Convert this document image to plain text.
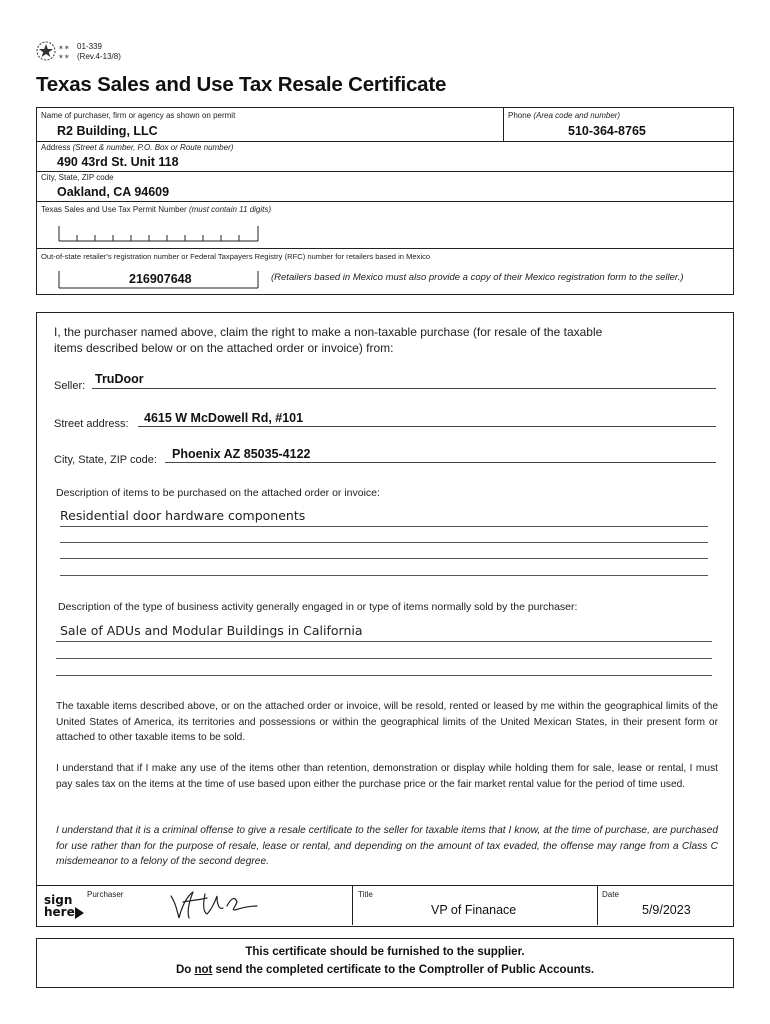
✶✶
✶✶
01-339
(Rev.4-13/8)
Texas Sales and Use Tax Resale Certificate
Name of purchaser, firm or agency as shown on permit
R2 Building, LLC
Phone (Area code and number)
510-364-8765
Address (Street & number, P.O. Box or Route number)
490 43rd St. Unit 118
City, State, ZIP code
Oakland, CA 94609
Texas Sales and Use Tax Permit Number (must contain 11 digits)
Out-of-state retailer's registration number or Federal Taxpayers Registry (RFC) number for retailers based in Mexico
216907648	(Retailers based in Mexico must also provide a copy of their Mexico registration form to the seller.)
I, the purchaser named above, claim the right to make a non-taxable purchase (for resale of the taxable
items described below or on the attached order or invoice) from:
Seller: TruDoor
Street address: 4615 W McDowell Rd, #101
City, State, ZIP code: Phoenix AZ 85035-4122
Description of items to be purchased on the attached order or invoice:
Residential door hardware components
Description of the type of business activity generally engaged in or type of items normally sold by the purchaser:
Sale of ADUs and Modular Buildings in California
The taxable items described above, or on the attached order or invoice, will be resold, rented or leased by me within the geographical limits of the United States of America, its territories and possessions or within the geographical limits of the United Mexican States, in their present form or attached to other taxable items to be sold.
I understand that if I make any use of the items other than retention, demonstration or display while holding them for sale, lease or rental, I must pay sales tax on the items at the time of use based upon either the purchase price or the fair market rental value for the period of time used.
I understand that it is a criminal offense to give a resale certificate to the seller for taxable items that I know, at the time of purchase, are purchased for use rather than for the purpose of resale, lease or rental, and depending on the amount of tax evaded, the offense may range from a Class C misdemeanor to a felony of the second degree.
sign
here
Purchaser	Title
VP of Finanace
Date
5/9/2023
This certificate should be furnished to the supplier.
Do not send the completed certificate to the Comptroller of Public Accounts.
